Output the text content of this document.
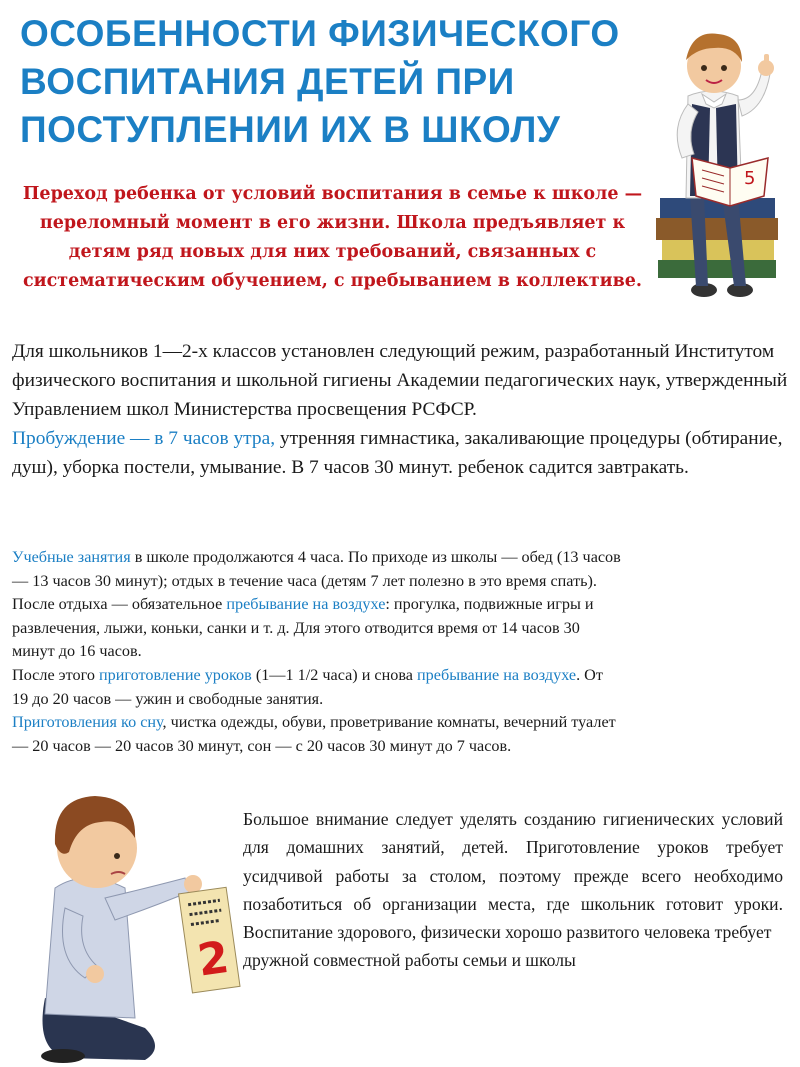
ОСОБЕННОСТИ ФИЗИЧЕСКОГО
ВОСПИТАНИЯ ДЕТЕЙ ПРИ
ПОСТУПЛЕНИИ ИХ В ШКОЛУ
5

Переход ребенка от условий воспитания в семье к школе — переломный момент в его жизни. Школа предъявляет к детям ряд новых для них требований, связанных с систематическим обучением, с пребыванием в коллективе.

Для школьников 1—2-х классов установлен следующий режим, разработанный Институтом физического воспитания и школьной гигиены Академии педагогических наук, утвержденный Управлением школ Министерства просвещения РСФСР.
Пробуждение — в 7 часов утра, утренняя гимнастика, закаливающие процедуры (обтирание, душ), уборка постели, умывание. В 7 часов 30 минут. ребенок садится завтракать.

Учебные занятия в школе продолжаются 4 часа. По приходе из школы — обед (13 часов
— 13 часов 30 минут); отдых в течение часа (детям 7 лет полезно в это время спать).
После отдыха — обязательное пребывание на воздухе: прогулка, подвижные игры и
развлечения, лыжи, коньки, санки и т. д. Для этого отводится время от 14 часов 30
минут до 16 часов.
После этого приготовление уроков (1—1 1/2 часа) и снова пребывание на воздухе. От
19 до 20 часов — ужин и свободные занятия.
Приготовления ко сну, чистка одежды, обуви, проветривание комнаты, вечерний туалет
— 20 часов — 20 часов 30 минут, сон — с 20 часов 30 минут до 7 часов.

2
Большое внимание следует уделять созданию гигиенических условий для домашних занятий, детей. Приготовление уроков требует усидчивой работы за столом, поэтому прежде всего необходимо позаботиться об организации места, где школьник готовит уроки.
Воспитание здорового, физически хорошо развитого человека требует дружной совместной работы семьи и школы
